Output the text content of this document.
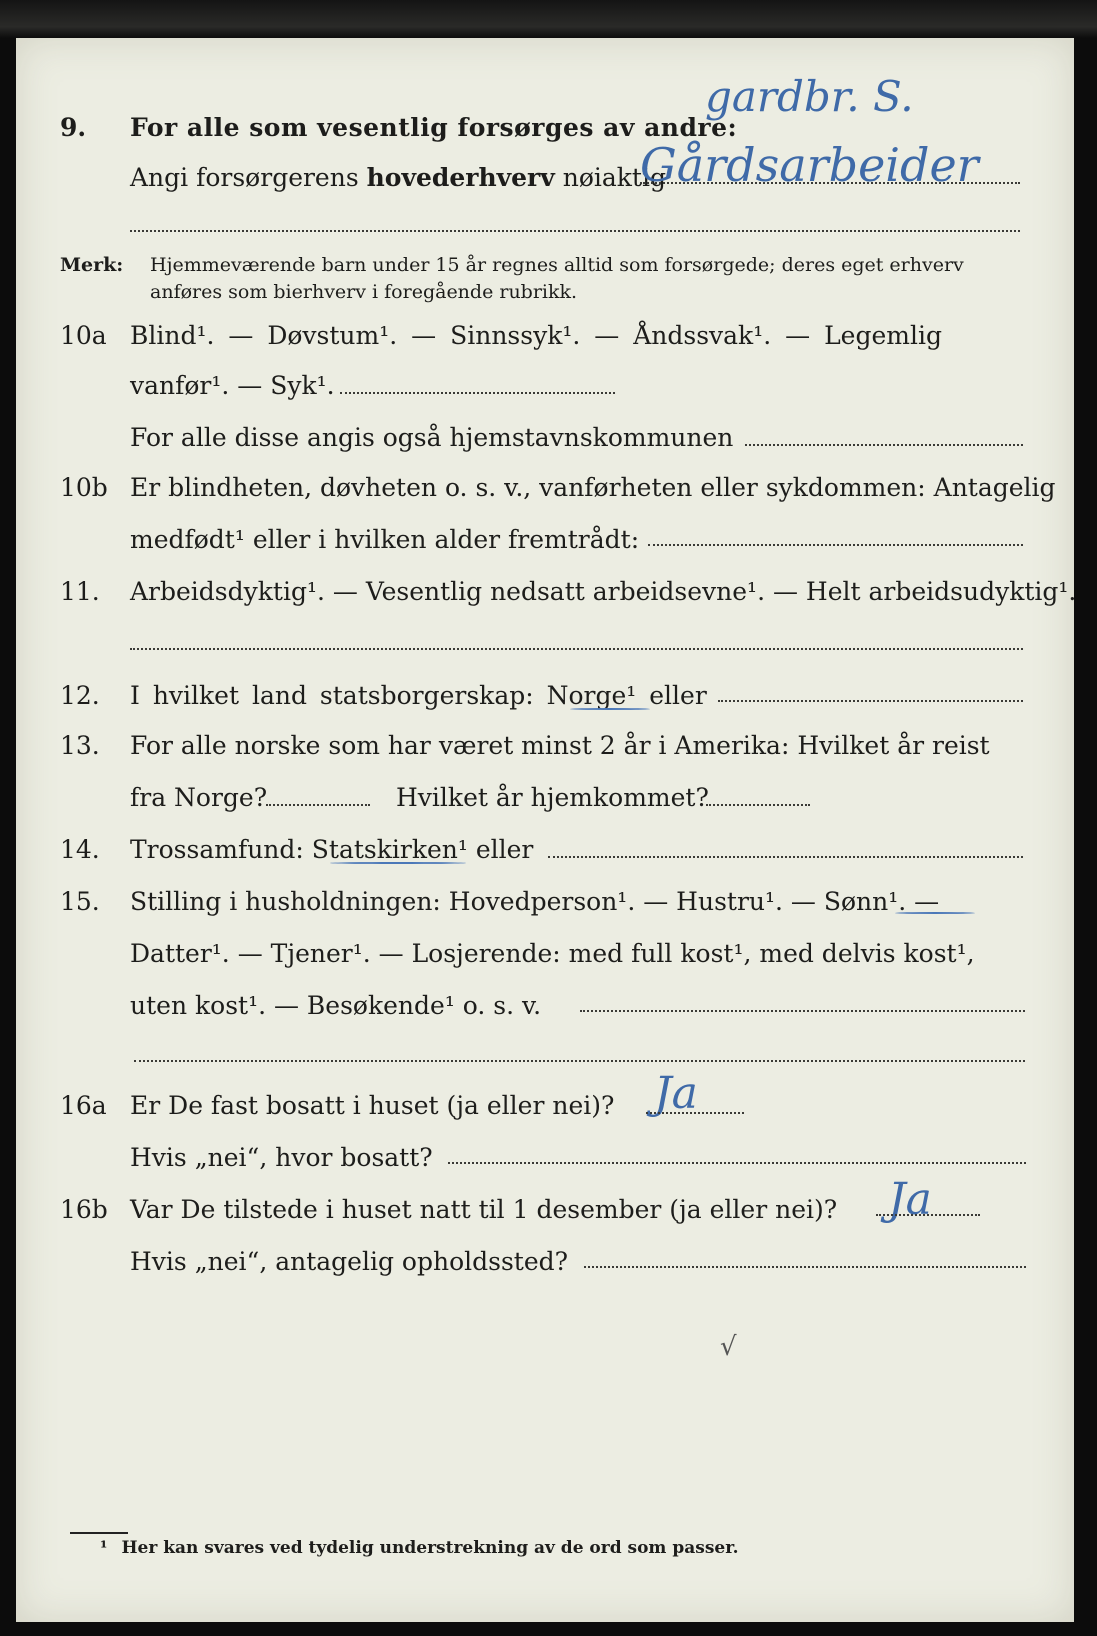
9. For alle som vesentlig forsørges av andre:
gardbr. S.
Angi forsørgerens hovederhverv nøiaktig
Gårdsarbeider
Merk: Hjemmeværende barn under 15 år regnes alltid som forsørgede; deres eget erhverv
anføres som bierhverv i foregående rubrikk.
10a Blind¹. — Døvstum¹. — Sinnssyk¹. — Åndssvak¹. — Legemlig
vanfør¹. — Syk¹.
For alle disse angis også hjemstavnskommunen
10b Er blindheten, døvheten o. s. v., vanførheten eller sykdommen: Antagelig
medfødt¹ eller i hvilken alder fremtrådt:
11. Arbeidsdyktig¹. — Vesentlig nedsatt arbeidsevne¹. — Helt arbeidsudyktig¹.
12. I hvilket land statsborgerskap: Norge¹ eller
13. For alle norske som har været minst 2 år i Amerika: Hvilket år reist
fra Norge?	Hvilket år hjemkommet?
14. Trossamfund: Statskirken¹ eller
15. Stilling i husholdningen: Hovedperson¹. — Hustru¹. — Sønn¹. —
Datter¹. — Tjener¹. — Losjerende: med full kost¹, med delvis kost¹,
uten kost¹. — Besøkende¹ o. s. v.
16a Er De fast bosatt i huset (ja eller nei)? Ja
Hvis „nei“, hvor bosatt?
16b Var De tilstede i huset natt til 1 desember (ja eller nei)? Ja
Hvis „nei“, antagelig opholdssted?
√
¹ Her kan svares ved tydelig understrekning av de ord som passer.
